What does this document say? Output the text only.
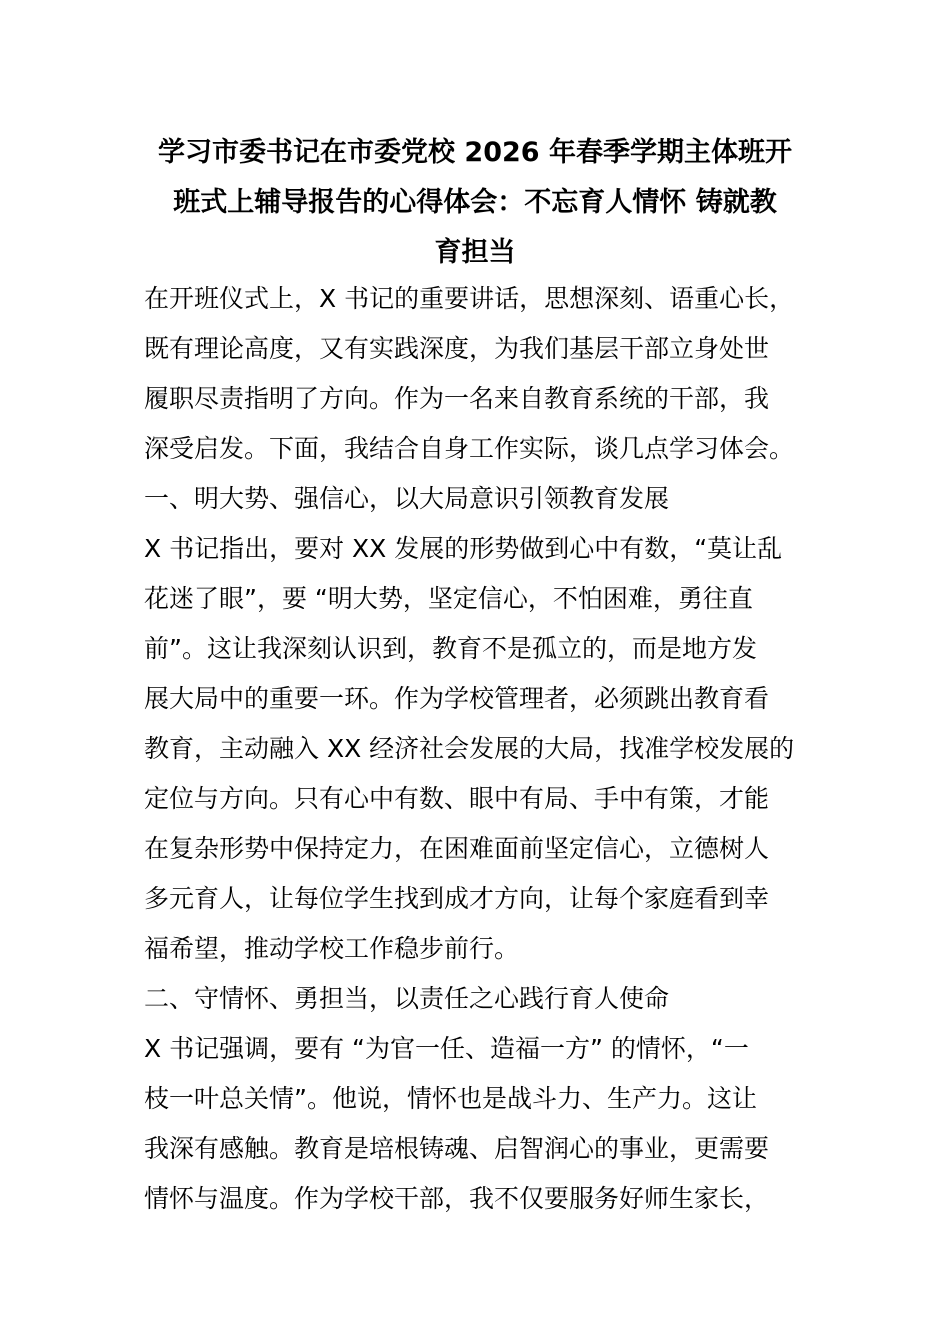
学习市委书记在市委党校 2026 年春季学期主体班开
班式上辅导报告的心得体会：不忘育人情怀 铸就教
育担当

在开班仪式上，X 书记的重要讲话，思想深刻、语重心长，

既有理论高度，又有实践深度，为我们基层干部立身处世

履职尽责指明了方向。作为一名来自教育系统的干部，我

深受启发。下面，我结合自身工作实际，谈几点学习体会。

一、明大势、强信心，以大局意识引领教育发展

X 书记指出，要对 XX 发展的形势做到心中有数，“莫让乱

花迷了眼”，要 “明大势，坚定信心，不怕困难，勇往直

前”。这让我深刻认识到，教育不是孤立的，而是地方发

展大局中的重要一环。作为学校管理者，必须跳出教育看

教育，主动融入 XX 经济社会发展的大局，找准学校发展的

定位与方向。只有心中有数、眼中有局、手中有策，才能

在复杂形势中保持定力，在困难面前坚定信心，立德树人

多元育人，让每位学生找到成才方向，让每个家庭看到幸

福希望，推动学校工作稳步前行。

二、守情怀、勇担当，以责任之心践行育人使命

X 书记强调，要有 “为官一任、造福一方” 的情怀，“一

枝一叶总关情”。他说，情怀也是战斗力、生产力。这让

我深有感触。教育是培根铸魂、启智润心的事业，更需要

情怀与温度。作为学校干部，我不仅要服务好师生家长，
